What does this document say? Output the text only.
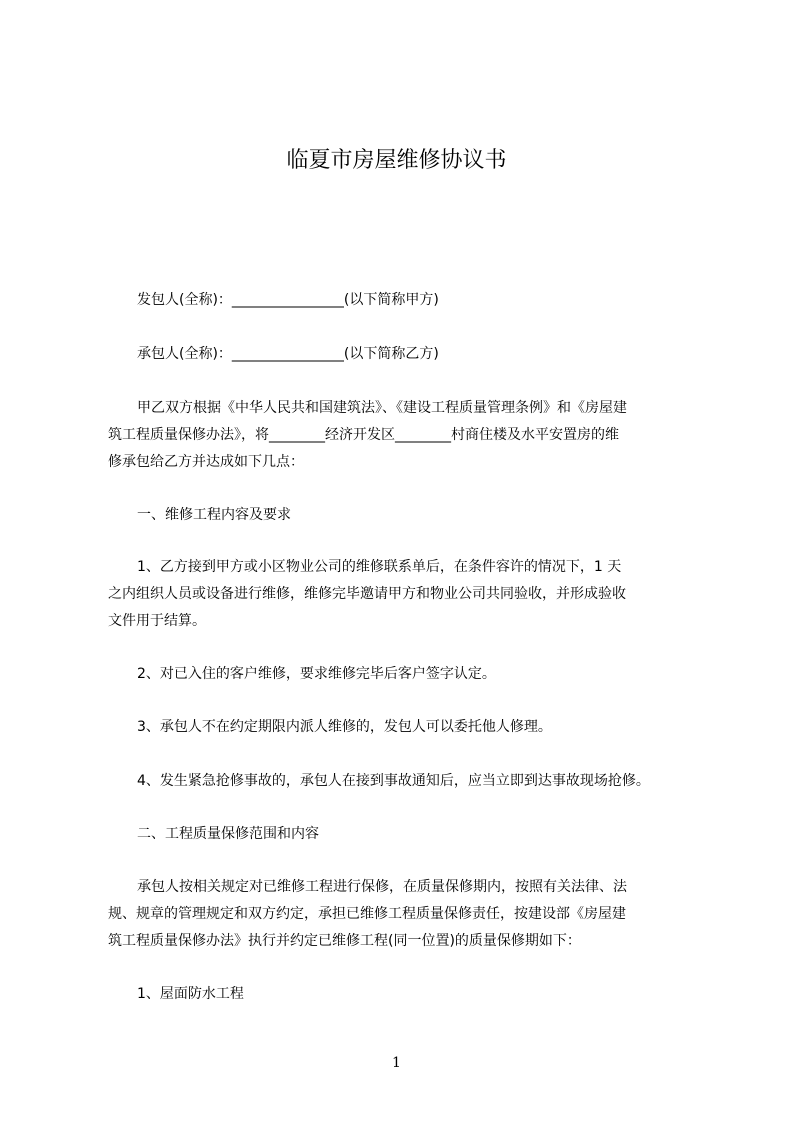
临夏市房屋维修协议书
发包人(全称)：________________(以下简称甲方)
承包人(全称)：________________(以下简称乙方)
甲乙双方根据《中华人民共和国建筑法》、《建设工程质量管理条例》和《房屋建
筑工程质量保修办法》，将________经济开发区________村商住楼及水平安置房的维
修承包给乙方并达成如下几点：
一、维修工程内容及要求
1、乙方接到甲方或小区物业公司的维修联系单后，在条件容许的情况下，1 天
之内组织人员或设备进行维修，维修完毕邀请甲方和物业公司共同验收，并形成验收
文件用于结算。
2、对已入住的客户维修，要求维修完毕后客户签字认定。
3、承包人不在约定期限内派人维修的，发包人可以委托他人修理。
4、发生紧急抢修事故的，承包人在接到事故通知后，应当立即到达事故现场抢修。
二、工程质量保修范围和内容
承包人按相关规定对已维修工程进行保修，在质量保修期内，按照有关法律、法
规、规章的管理规定和双方约定，承担已维修工程质量保修责任，按建设部《房屋建
筑工程质量保修办法》执行并约定已维修工程(同一位置)的质量保修期如下：
1、屋面防水工程
1
